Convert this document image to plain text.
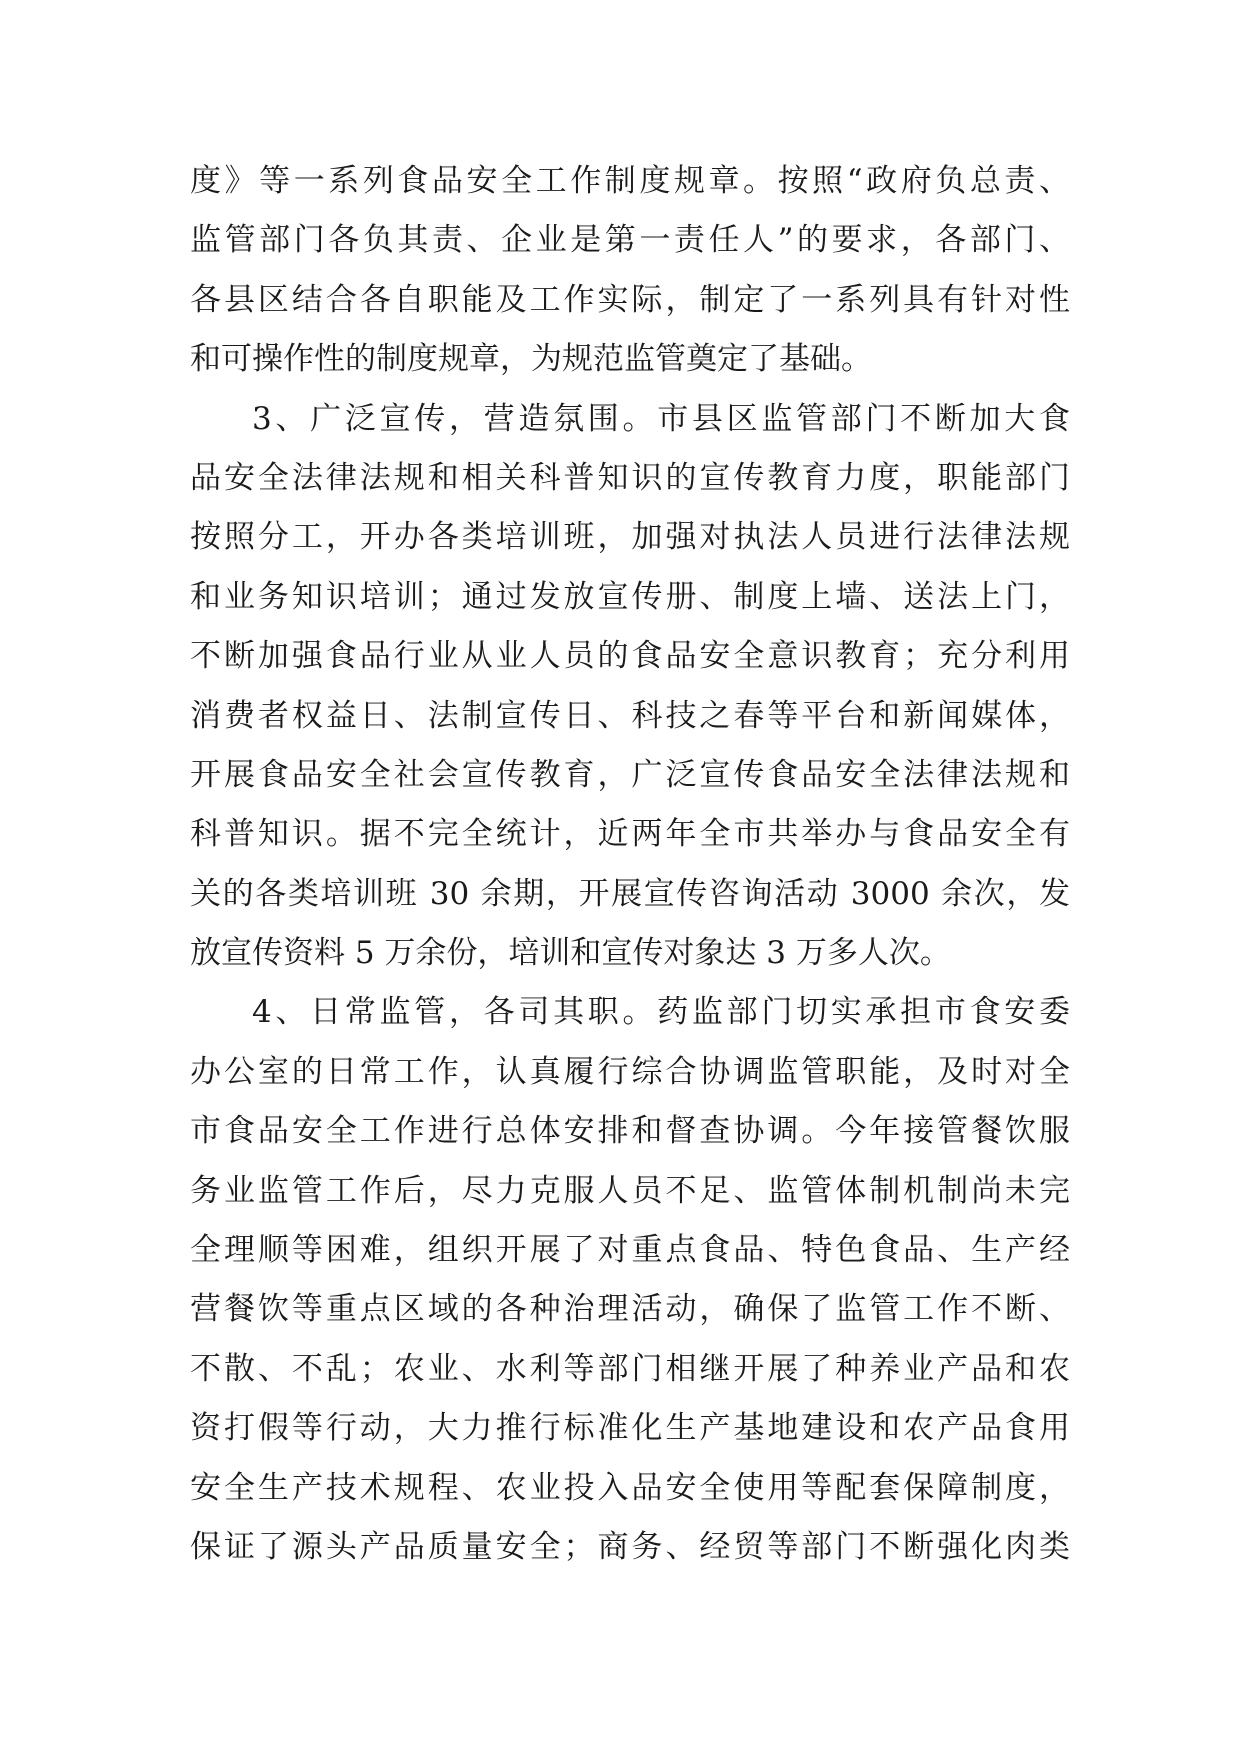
度》等一系列食品安全工作制度规章。按照“政府负总责、
监管部门各负其责、企业是第一责任人”的要求，各部门、
各县区结合各自职能及工作实际，制定了一系列具有针对性
和可操作性的制度规章，为规范监管奠定了基础。
3、广泛宣传，营造氛围。市县区监管部门不断加大食
品安全法律法规和相关科普知识的宣传教育力度，职能部门
按照分工，开办各类培训班，加强对执法人员进行法律法规
和业务知识培训；通过发放宣传册、制度上墙、送法上门，
不断加强食品行业从业人员的食品安全意识教育；充分利用
消费者权益日、法制宣传日、科技之春等平台和新闻媒体，
开展食品安全社会宣传教育，广泛宣传食品安全法律法规和
科普知识。据不完全统计，近两年全市共举办与食品安全有
关的各类培训班 30 余期，开展宣传咨询活动 3000 余次，发
放宣传资料 5 万余份，培训和宣传对象达 3 万多人次。
4、日常监管，各司其职。药监部门切实承担市食安委
办公室的日常工作，认真履行综合协调监管职能，及时对全
市食品安全工作进行总体安排和督查协调。今年接管餐饮服
务业监管工作后，尽力克服人员不足、监管体制机制尚未完
全理顺等困难，组织开展了对重点食品、特色食品、生产经
营餐饮等重点区域的各种治理活动，确保了监管工作不断、
不散、不乱；农业、水利等部门相继开展了种养业产品和农
资打假等行动，大力推行标准化生产基地建设和农产品食用
安全生产技术规程、农业投入品安全使用等配套保障制度，
保证了源头产品质量安全；商务、经贸等部门不断强化肉类
